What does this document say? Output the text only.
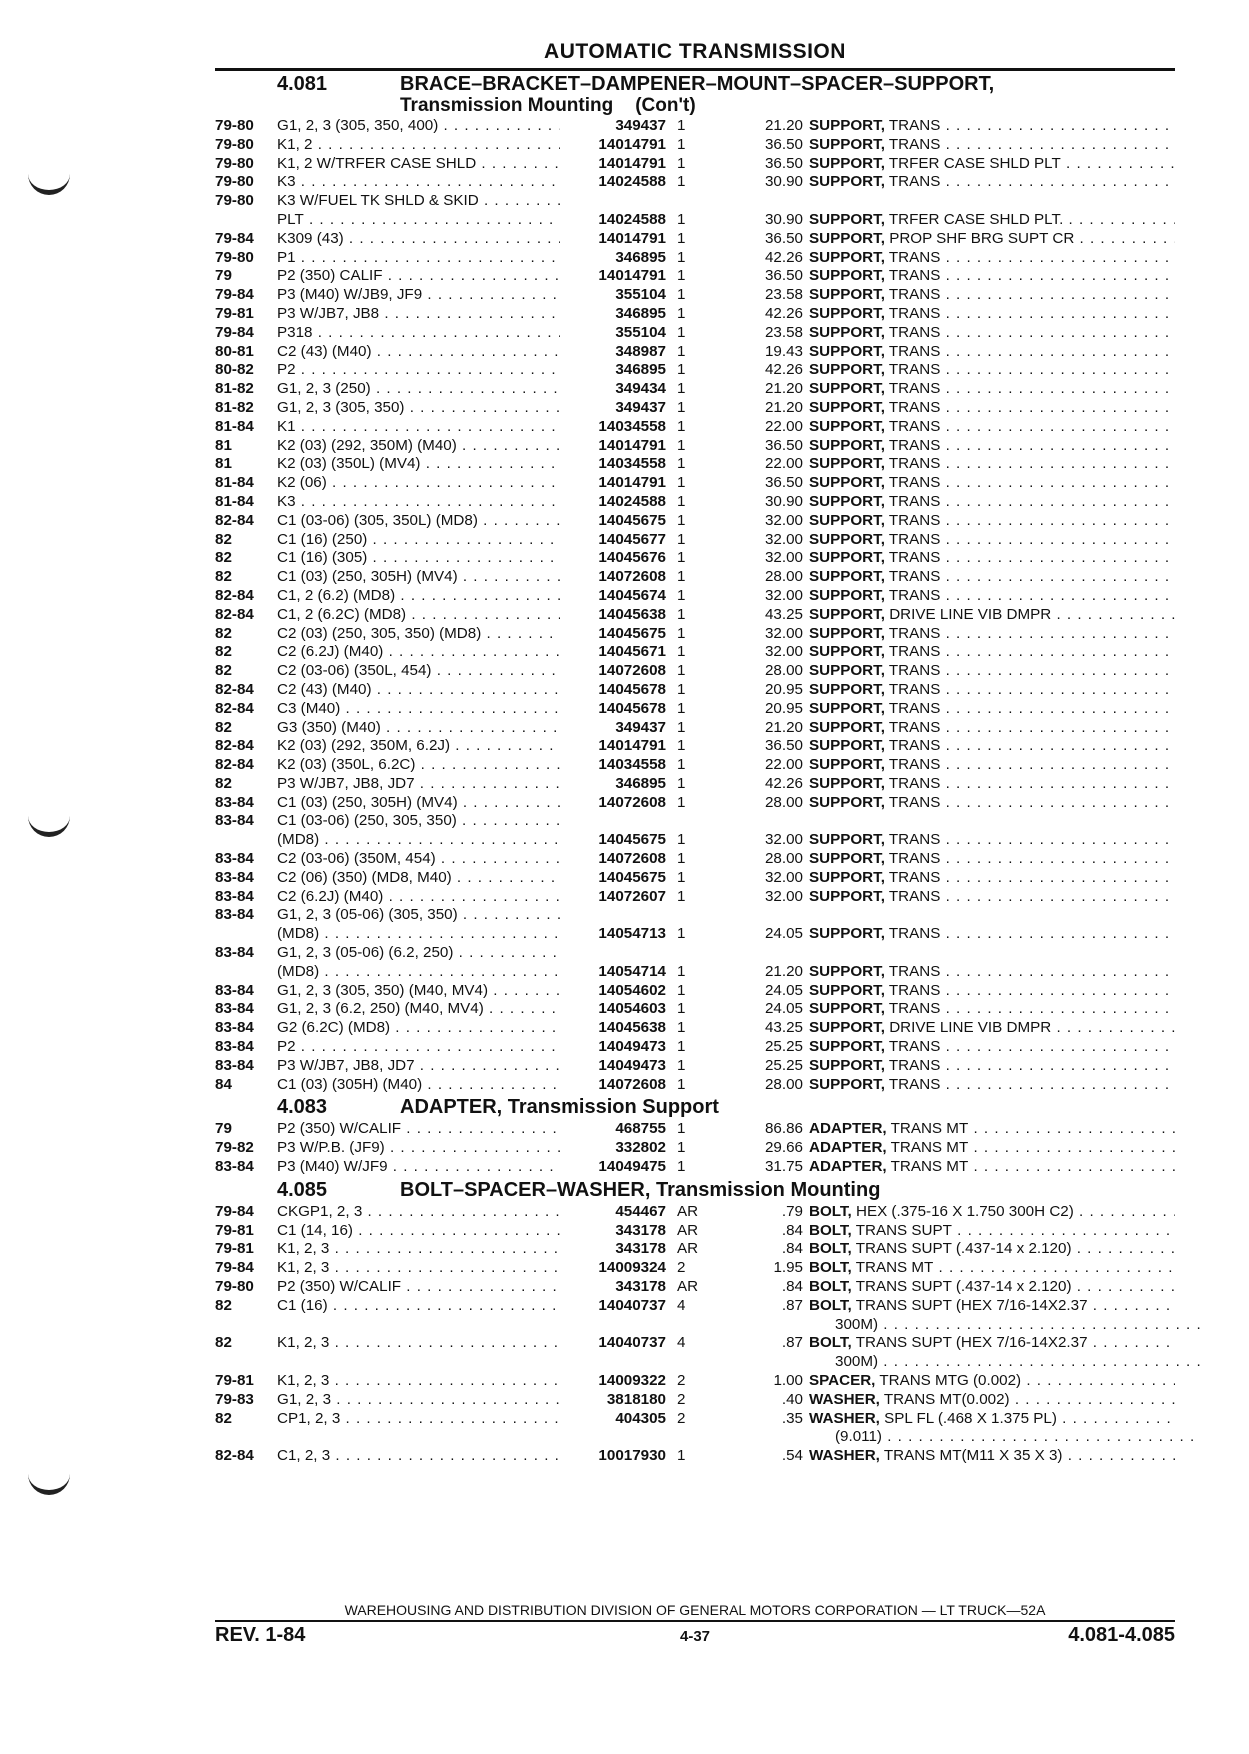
AUTOMATIC TRANSMISSION
4.081	BRACE–BRACKET–DAMPENER–MOUNT–SPACER–SUPPORT,
Transmission Mounting (Con't)
79-80 G1, 2, 3 (305, 350, 400) . . .	349437 1	21.20 SUPPORT, TRANS . . .
79-80 K1, 2 . . .	14014791 1	36.50 SUPPORT, TRANS . . .
79-80 K1, 2 W/TRFER CASE SHLD . . .	14014791 1	36.50 SUPPORT, TRFER CASE SHLD PLT . . .
79-80 K3 . . .	14024588 1	30.90 SUPPORT, TRANS . . .
79-80 K3 W/FUEL TK SHLD & SKID . . .
PLT . . .	14024588 1	30.90 SUPPORT, TRFER CASE SHLD PLT. . . .
79-84 K309 (43) . . .	14014791 1	36.50 SUPPORT, PROP SHF BRG SUPT CR . . .
79-80 P1 . . .	346895 1	42.26 SUPPORT, TRANS . . .
79	P2 (350) CALIF . . .	14014791 1	36.50 SUPPORT, TRANS . . .
79-84 P3 (M40) W/JB9, JF9 . . .	355104 1	23.58 SUPPORT, TRANS . . .
79-81 P3 W/JB7, JB8 . . .	346895 1	42.26 SUPPORT, TRANS . . .
79-84 P318 . . .	355104 1	23.58 SUPPORT, TRANS . . .
80-81 C2 (43) (M40) . . .	348987 1	19.43 SUPPORT, TRANS . . .
80-82 P2 . . .	346895 1	42.26 SUPPORT, TRANS . . .
81-82 G1, 2, 3 (250) . . .	349434 1	21.20 SUPPORT, TRANS . . .
81-82 G1, 2, 3 (305, 350) . . .	349437 1	21.20 SUPPORT, TRANS . . .
81-84 K1 . . .	14034558 1	22.00 SUPPORT, TRANS . . .
81	K2 (03) (292, 350M) (M40) . . .	14014791 1	36.50 SUPPORT, TRANS . . .
81	K2 (03) (350L) (MV4) . . .	14034558 1	22.00 SUPPORT, TRANS . . .
81-84 K2 (06) . . .	14014791 1	36.50 SUPPORT, TRANS . . .
81-84 K3 . . .	14024588 1	30.90 SUPPORT, TRANS . . .
82-84 C1 (03-06) (305, 350L) (MD8) . . .	14045675 1	32.00 SUPPORT, TRANS . . .
82	C1 (16) (250) . . .	14045677 1	32.00 SUPPORT, TRANS . . .
82	C1 (16) (305) . . .	14045676 1	32.00 SUPPORT, TRANS . . .
82	C1 (03) (250, 305H) (MV4) . . .	14072608 1	28.00 SUPPORT, TRANS . . .
82-84 C1, 2 (6.2) (MD8) . . .	14045674 1	32.00 SUPPORT, TRANS . . .
82-84 C1, 2 (6.2C) (MD8) . . .	14045638 1	43.25 SUPPORT, DRIVE LINE VIB DMPR . . .
82	C2 (03) (250, 305, 350) (MD8) . . .	14045675 1	32.00 SUPPORT, TRANS . . .
82	C2 (6.2J) (M40) . . .	14045671 1	32.00 SUPPORT, TRANS . . .
82	C2 (03-06) (350L, 454) . . .	14072608 1	28.00 SUPPORT, TRANS . . .
82-84 C2 (43) (M40) . . .	14045678 1	20.95 SUPPORT, TRANS . . .
82-84 C3 (M40) . . .	14045678 1	20.95 SUPPORT, TRANS . . .
82	G3 (350) (M40) . . .	349437 1	21.20 SUPPORT, TRANS . . .
82-84 K2 (03) (292, 350M, 6.2J) . . .	14014791 1	36.50 SUPPORT, TRANS . . .
82-84 K2 (03) (350L, 6.2C) . . .	14034558 1	22.00 SUPPORT, TRANS . . .
82	P3 W/JB7, JB8, JD7 . . .	346895 1	42.26 SUPPORT, TRANS . . .
83-84 C1 (03) (250, 305H) (MV4) . . .	14072608 1	28.00 SUPPORT, TRANS . . .
83-84 C1 (03-06) (250, 305, 350) . . .
(MD8) . . .	14045675 1	32.00 SUPPORT, TRANS . . .
83-84 C2 (03-06) (350M, 454) . . .	14072608 1	28.00 SUPPORT, TRANS . . .
83-84 C2 (06) (350) (MD8, M40) . . .	14045675 1	32.00 SUPPORT, TRANS . . .
83-84 C2 (6.2J) (M40) . . .	14072607 1	32.00 SUPPORT, TRANS . . .
83-84 G1, 2, 3 (05-06) (305, 350) . . .
(MD8) . . .	14054713 1	24.05 SUPPORT, TRANS . . .
83-84 G1, 2, 3 (05-06) (6.2, 250) . . .
(MD8) . . .	14054714 1	21.20 SUPPORT, TRANS . . .
83-84 G1, 2, 3 (305, 350) (M40, MV4) . . .	14054602 1	24.05 SUPPORT, TRANS . . .
83-84 G1, 2, 3 (6.2, 250) (M40, MV4) . . .	14054603 1	24.05 SUPPORT, TRANS . . .
83-84 G2 (6.2C) (MD8) . . .	14045638 1	43.25 SUPPORT, DRIVE LINE VIB DMPR . . .
83-84 P2 . . .	14049473 1	25.25 SUPPORT, TRANS . . .
83-84 P3 W/JB7, JB8, JD7 . . .	14049473 1	25.25 SUPPORT, TRANS . . .
84	C1 (03) (305H) (M40) . . .	14072608 1	28.00 SUPPORT, TRANS . . .
4.083	ADAPTER, Transmission Support
79	P2 (350) W/CALIF . . .	468755 1	86.86 ADAPTER, TRANS MT . . .
79-82 P3 W/P.B. (JF9) . . .	332802 1	29.66 ADAPTER, TRANS MT . . .
83-84 P3 (M40) W/JF9 . . .	14049475 1	31.75 ADAPTER, TRANS MT . . .
4.085	BOLT–SPACER–WASHER, Transmission Mounting
79-84 CKGP1, 2, 3 . . .	454467 AR	.79 BOLT, HEX (.375-16 X 1.750 300H C2) . . .
79-81 C1 (14, 16) . . .	343178 AR	.84 BOLT, TRANS SUPT . . .
79-81 K1, 2, 3 . . .	343178 AR	.84 BOLT, TRANS SUPT (.437-14 x 2.120) . . .
79-84 K1, 2, 3 . . .	14009324 2	1.95 BOLT, TRANS MT . . .
79-80 P2 (350) W/CALIF . . .	343178 AR	.84 BOLT, TRANS SUPT (.437-14 x 2.120) . . .
82	C1 (16) . . .	14040737 4	.87 BOLT, TRANS SUPT (HEX 7/16-14X2.37 . . .
300M) . . .
82	K1, 2, 3 . . .	14040737 4	.87 BOLT, TRANS SUPT (HEX 7/16-14X2.37 . . .
300M) . . .
79-81 K1, 2, 3 . . .	14009322 2	1.00 SPACER, TRANS MTG (0.002) . . .
79-83 G1, 2, 3 . . .	3818180 2	.40 WASHER, TRANS MT(0.002) . . .
82	CP1, 2, 3 . . .	404305 2	.35 WASHER, SPL FL (.468 X 1.375 PL) . . .
(9.011) . . .
82-84 C1, 2, 3 . . .	10017930 1	.54 WASHER, TRANS MT(M11 X 35 X 3) . . .
WAREHOUSING AND DISTRIBUTION DIVISION OF GENERAL MOTORS CORPORATION — LT TRUCK—52A
REV. 1-84	4-37	4.081-4.085
